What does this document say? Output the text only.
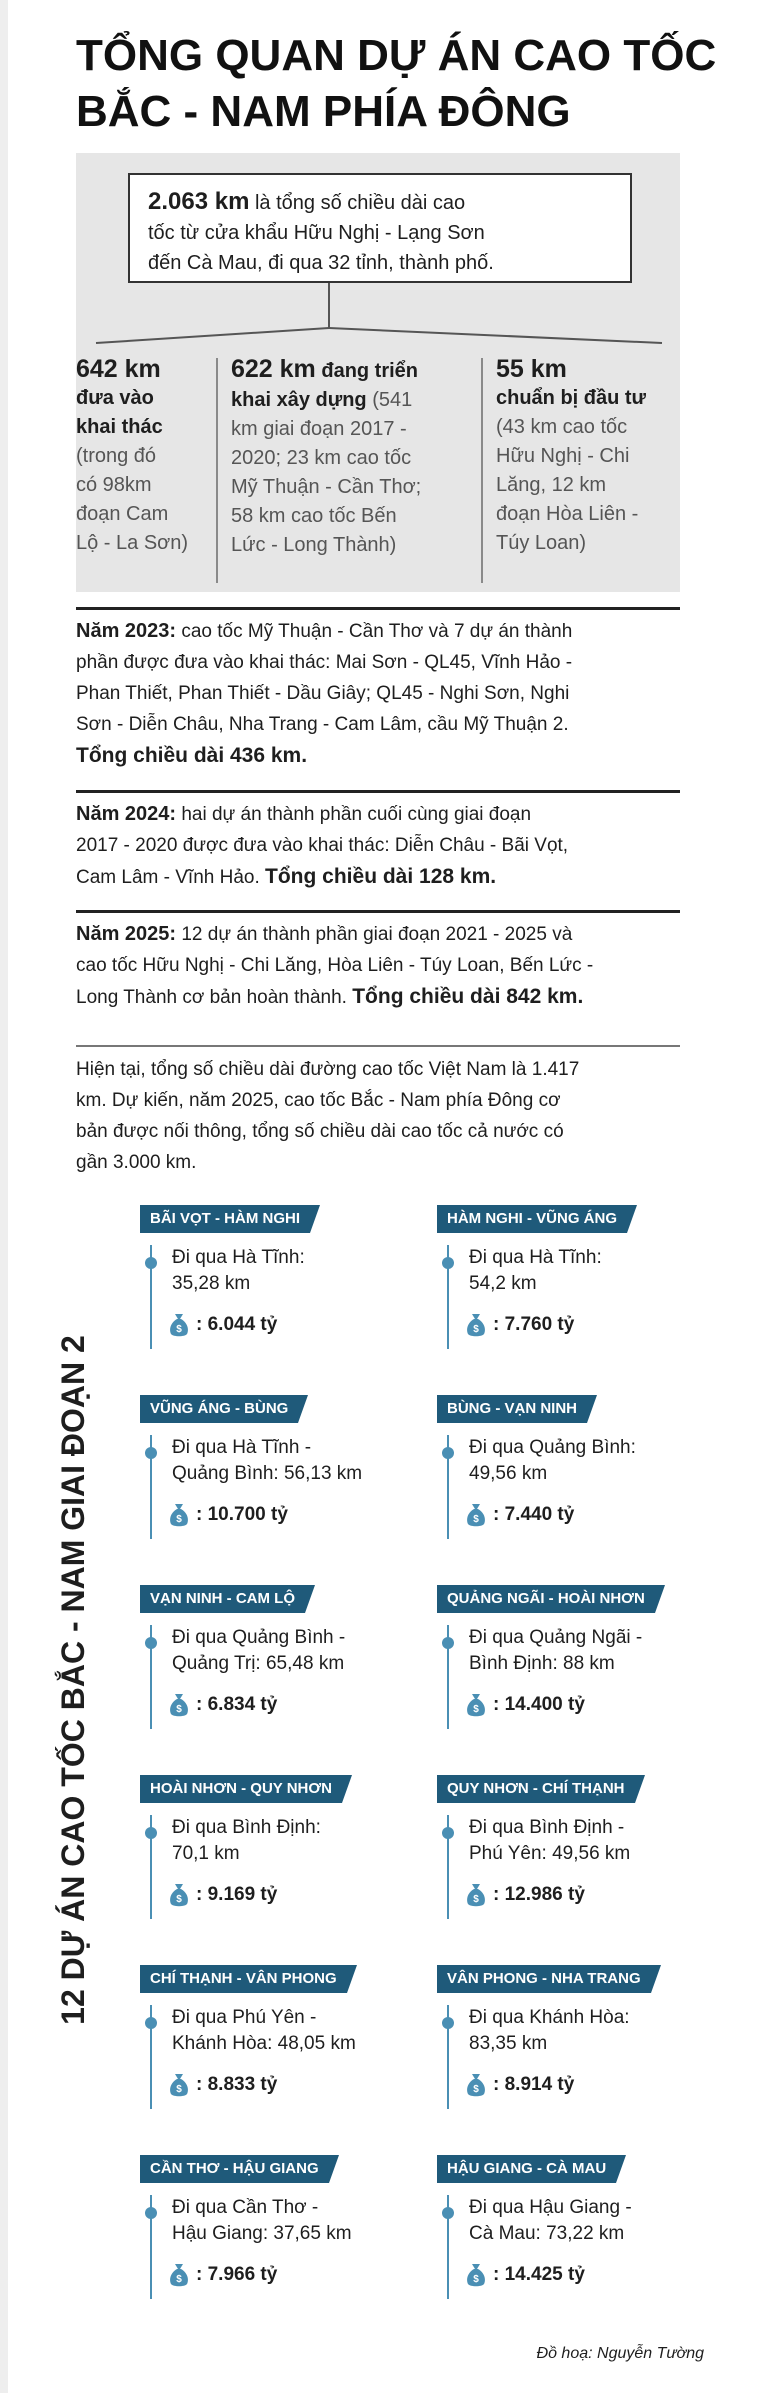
TỔNG QUAN DỰ ÁN CAO TỐC
BẮC - NAM PHÍA ĐÔNG
2.063 km là tổng số chiều dài cao
tốc từ cửa khẩu Hữu Nghị - Lạng Sơn
đến Cà Mau, đi qua 32 tỉnh, thành phố.
642 km
đưa vào
khai thác
(trong đó
có 98km
đoạn Cam
Lộ - La Sơn)
622 km đang triển
khai xây dựng (541
km giai đoạn 2017 -
2020; 23 km cao tốc
Mỹ Thuận - Cần Thơ;
58 km cao tốc Bến
Lức - Long Thành)
55 km
chuẩn bị đầu tư
(43 km cao tốc
Hữu Nghị - Chi
Lăng, 12 km
đoạn Hòa Liên -
Túy Loan)
Năm 2023: cao tốc Mỹ Thuận - Cần Thơ và 7 dự án thành
phần được đưa vào khai thác: Mai Sơn - QL45, Vĩnh Hảo -
Phan Thiết, Phan Thiết - Dầu Giây; QL45 - Nghi Sơn, Nghi
Sơn - Diễn Châu, Nha Trang - Cam Lâm, cầu Mỹ Thuận 2.
Tổng chiều dài 436 km.
Năm 2024: hai dự án thành phần cuối cùng giai đoạn
2017 - 2020 được đưa vào khai thác: Diễn Châu - Bãi Vọt,
Cam Lâm - Vĩnh Hảo. Tổng chiều dài 128 km.
Năm 2025: 12 dự án thành phần giai đoạn 2021 - 2025 và
cao tốc Hữu Nghị - Chi Lăng, Hòa Liên - Túy Loan, Bến Lức -
Long Thành cơ bản hoàn thành. Tổng chiều dài 842 km.
Hiện tại, tổng số chiều dài đường cao tốc Việt Nam là 1.417
km. Dự kiến, năm 2025, cao tốc Bắc - Nam phía Đông cơ
bản được nối thông, tổng số chiều dài cao tốc cả nước có
gần 3.000 km.
12 DỰ ÁN CAO TỐC BẮC - NAM GIAI ĐOẠN 2
BÃI VỌT - HÀM NGHI
Đi qua Hà Tĩnh:
35,28 km
$ : 6.044 tỷ
HÀM NGHI - VŨNG ÁNG
Đi qua Hà Tĩnh:
54,2 km
$ : 7.760 tỷ
VŨNG ÁNG - BÙNG
Đi qua Hà Tĩnh -
Quảng Bình: 56,13 km
$ : 10.700 tỷ
BÙNG - VẠN NINH
Đi qua Quảng Bình:
49,56 km
$ : 7.440 tỷ
VẠN NINH - CAM LỘ
Đi qua Quảng Bình -
Quảng Trị: 65,48 km
$ : 6.834 tỷ
QUẢNG NGÃI - HOÀI NHƠN
Đi qua Quảng Ngãi -
Bình Định: 88 km
$ : 14.400 tỷ
HOÀI NHƠN - QUY NHƠN
Đi qua Bình Định:
70,1 km
$ : 9.169 tỷ
QUY NHƠN - CHÍ THẠNH
Đi qua Bình Định -
Phú Yên: 49,56 km
$ : 12.986 tỷ
CHÍ THẠNH - VÂN PHONG
Đi qua Phú Yên -
Khánh Hòa: 48,05 km
$ : 8.833 tỷ
VÂN PHONG - NHA TRANG
Đi qua Khánh Hòa:
83,35 km
$ : 8.914 tỷ
CẦN THƠ - HẬU GIANG
Đi qua Cần Thơ -
Hậu Giang: 37,65 km
$ : 7.966 tỷ
HẬU GIANG - CÀ MAU
Đi qua Hậu Giang -
Cà Mau: 73,22 km
$ : 14.425 tỷ
Đồ hoạ: Nguyễn Tường
